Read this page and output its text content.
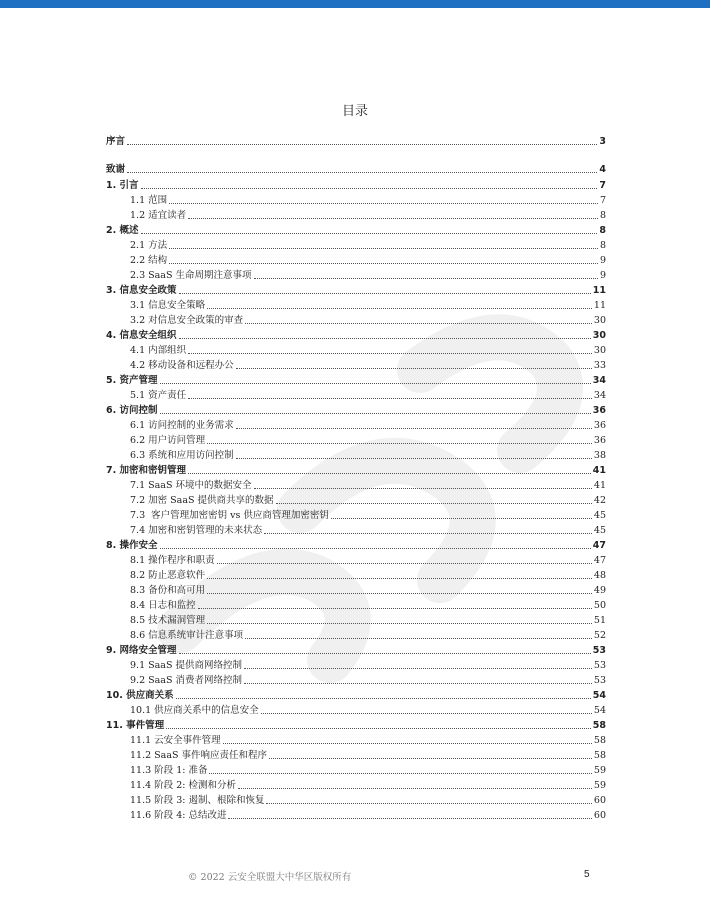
目录
序言	3
致谢	4
1. 引言	7
1.1 范围	7
1.2 适宜读者	8
2. 概述	8
2.1 方法	8
2.2 结构	9
2.3 SaaS 生命周期注意事项	9
3. 信息安全政策	11
3.1 信息安全策略	11
3.2 对信息安全政策的审查	30
4. 信息安全组织	30
4.1 内部组织	30
4.2 移动设备和远程办公	33
5. 资产管理	34
5.1 资产责任	34
6. 访问控制	36
6.1 访问控制的业务需求	36
6.2 用户访问管理	36
6.3 系统和应用访问控制	38
7. 加密和密钥管理	41
7.1 SaaS 环境中的数据安全	41
7.2 加密 SaaS 提供商共享的数据	42
7.3  客户管理加密密钥 vs 供应商管理加密密钥	45
7.4 加密和密钥管理的未来状态	45
8. 操作安全	47
8.1 操作程序和职责	47
8.2 防止恶意软件	48
8.3 备份和高可用	49
8.4 日志和监控	50
8.5 技术漏洞管理	51
8.6 信息系统审计注意事项	52
9. 网络安全管理	53
9.1 SaaS 提供商网络控制	53
9.2 SaaS 消费者网络控制	53
10. 供应商关系	54
10.1 供应商关系中的信息安全	54
11. 事件管理	58
11.1 云安全事件管理	58
11.2 SaaS 事件响应责任和程序	58
11.3 阶段 1: 准备	59
11.4 阶段 2: 检测和分析	59
11.5 阶段 3: 遏制、根除和恢复	60
11.6 阶段 4: 总结改进	60
© 2022 云安全联盟大中华区版权所有	5
